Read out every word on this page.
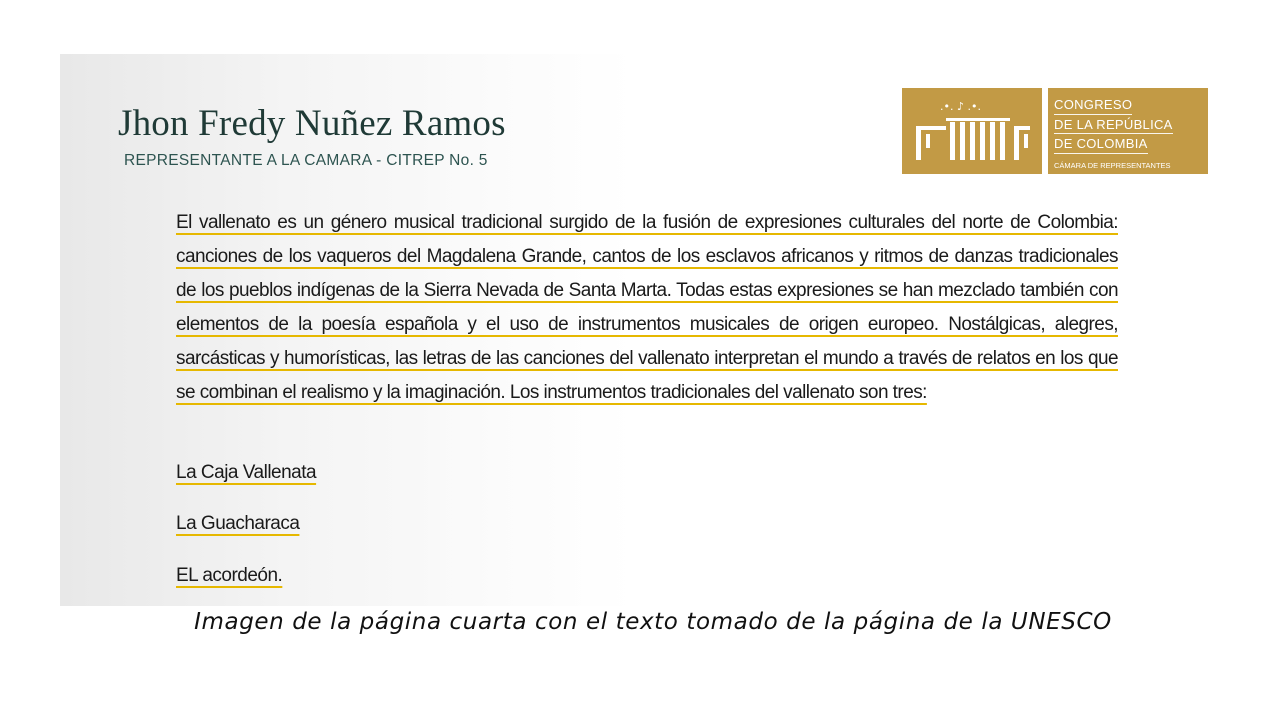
Jhon Fredy Nuñez Ramos
REPRESENTANTE A LA CAMARA - CITREP No. 5
.•. ♪ .•.	CONGRESO
DE LA REPÚBLICA
DE COLOMBIA
CÁMARA DE REPRESENTANTES

El vallenato es un género musical tradicional surgido de la fusión de expresiones culturales del norte de Colombia: canciones de los vaqueros del Magdalena Grande, cantos de los esclavos africanos y ritmos de danzas tradicionales de los pueblos indígenas de la Sierra Nevada de Santa Marta. Todas estas expresiones se han mezclado también con elementos de la poesía española y el uso de instrumentos musicales de origen europeo. Nostálgicas, alegres, sarcásticas y humorísticas, las letras de las canciones del vallenato interpretan el mundo a través de relatos en los que se combinan el realismo y la imaginación. Los instrumentos tradicionales del vallenato son tres:

La Caja Vallenata
La Guacharaca
EL acordeón.
Imagen de la página cuarta con el texto tomado de la página de la UNESCO
